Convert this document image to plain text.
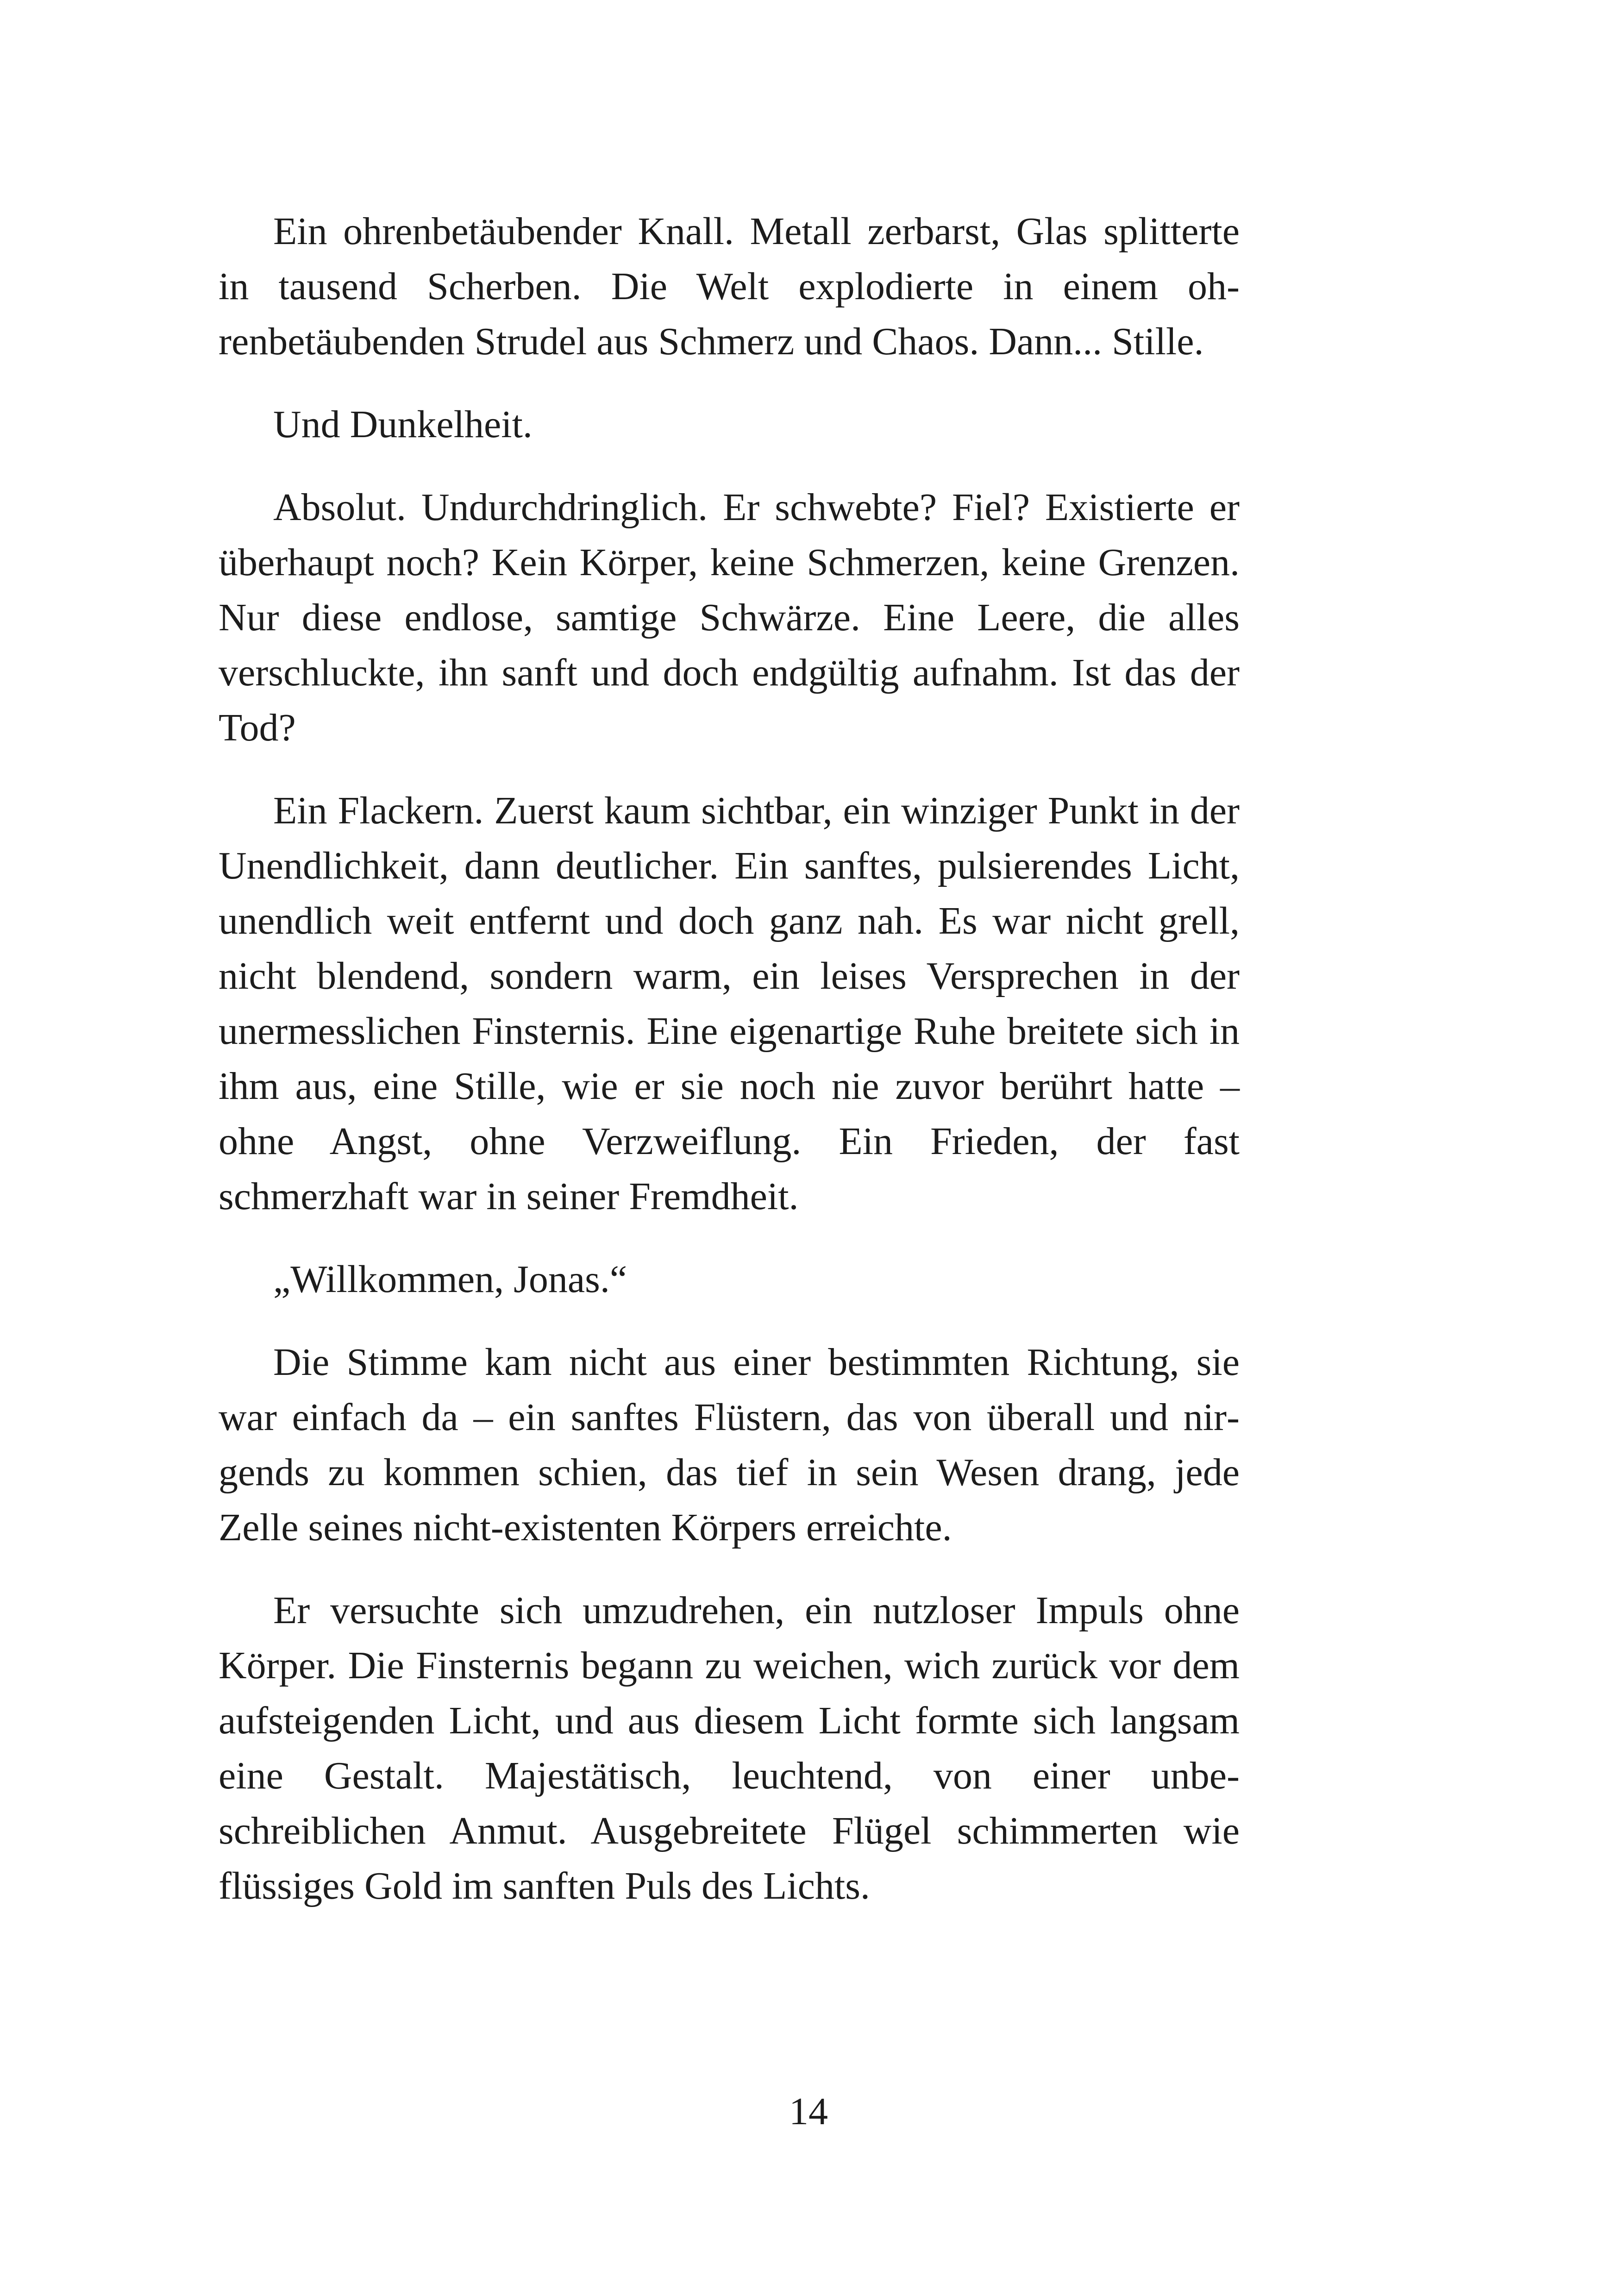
Ein ohrenbetäubender Knall. Metall zerbarst, Glas splitterte in tausend Scherben. Die Welt explodierte in einem ohrenbetäubenden Strudel aus Schmerz und Chaos. Dann... Stille.

Und Dunkelheit.

Absolut. Undurchdringlich. Er schwebte? Fiel? Existierte er überhaupt noch? Kein Körper, keine Schmerzen, keine Grenzen. Nur diese endlose, samtige Schwärze. Eine Leere, die alles verschluckte, ihn sanft und doch endgültig aufnahm. Ist das der Tod?

Ein Flackern. Zuerst kaum sichtbar, ein winziger Punkt in der Unendlichkeit, dann deutlicher. Ein sanftes, pulsierendes Licht, unendlich weit entfernt und doch ganz nah. Es war nicht grell, nicht blendend, sondern warm, ein leises Versprechen in der unermesslichen Finsternis. Eine eigenartige Ruhe breitete sich in ihm aus, eine Stille, wie er sie noch nie zuvor berührt hatte – ohne Angst, ohne Verzweiflung. Ein Frieden, der fast schmerzhaft war in seiner Fremdheit.

„Willkommen, Jonas.“

Die Stimme kam nicht aus einer bestimmten Richtung, sie war einfach da – ein sanftes Flüstern, das von überall und nirgends zu kommen schien, das tief in sein Wesen drang, jede Zelle seines nicht-existenten Körpers erreichte.

Er versuchte sich umzudrehen, ein nutzloser Impuls ohne Körper. Die Finsternis begann zu weichen, wich zurück vor dem aufsteigenden Licht, und aus diesem Licht formte sich langsam eine Gestalt. Majestätisch, leuchtend, von einer unbeschreiblichen Anmut. Ausgebreitete Flügel schimmerten wie flüssiges Gold im sanften Puls des Lichts.

14
